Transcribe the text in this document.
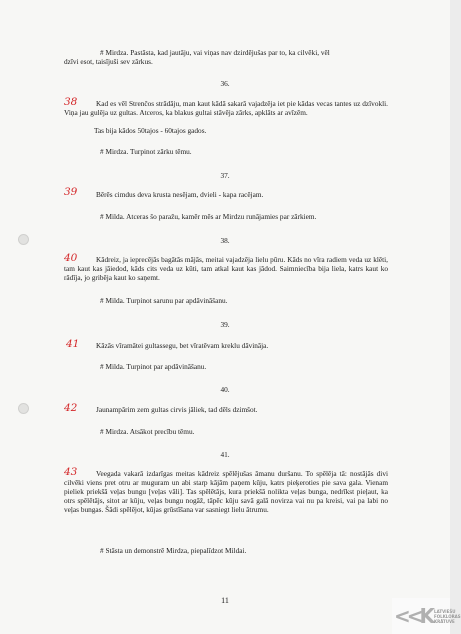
# Mirdza. Pastāsta, kad jautāju, vai viņas nav dzirdējušas par to, ka cilvēki, vēl

dzīvi esot, taisījuši sev zārkus.

36.

38	Kad es vēl Strenčos strādāju, man kaut kādā sakarā vajadzēja iet pie kādas vecas tantes uz dzīvokli. Viņa jau gulēja uz gultas. Atceros, ka blakus gultai stāvēja zārks, apklāts ar avīzēm.

Tas bija kādos 50tajos - 60tajos gados.

# Mirdza. Turpinot zārku tēmu.

37.

39	Bērēs cimdus deva krusta nesējam, dvieli - kapa racējam.

# Milda. Atceras šo paražu, kamēr mēs ar Mirdzu runājamies par zārkiem.

38.

40	Kādreiz, ja ieprecējās bagātās mājās, meitai vajadzēja lielu pūru. Kāds no vīra radiem veda uz klēti, tam kaut kas jāiedod, kāds cits veda uz kūti, tam atkal kaut kas jādod. Saimniecība bija liela, katrs kaut ko rādīja, jo gribēja kaut ko saņemt.

# Milda. Turpinot sarunu par apdāvināšanu.

39.

41 Kāzās vīramātei gultassegu, bet vīratēvam kreklu dāvināja.

# Milda. Turpinot par apdāvināšanu.

40.

42	Jaunampārim zem gultas cirvis jāliek, tad dēls dzimšot.

# Mirdza. Atsākot precību tēmu.

41.

43	Veegada vakarā izdarīgas meitas kādreiz spēlējušas āmanu duršanu. To spēlēja tā: nostājās divi cilvēki viens pret otru ar muguram un abi starp kājām paņem kūju, katrs pieķeroties pie savа gala. Vienam pieliek priekšā veļas bungu [veļas vāli]. Tas spēlētājs, kura priekšā nolikta veļas bunga, nedrīkst pieļaut, ka otrs spēlētājs, sitot ar kūju, veļas bungu nogāž, tāpēc kūju savā galā novirza vai nu pa kreisi, vai pa labi no veļas bungas. Šādi spēlējot, kūjas grūstīšana var sasniegt lielu ātrumu.

# Stāsta un demonstrē Mirdza, piepalīdzot Mildai.

11

<<K LATVIEŠU
FOLKLORAS
KRĀTUVE
